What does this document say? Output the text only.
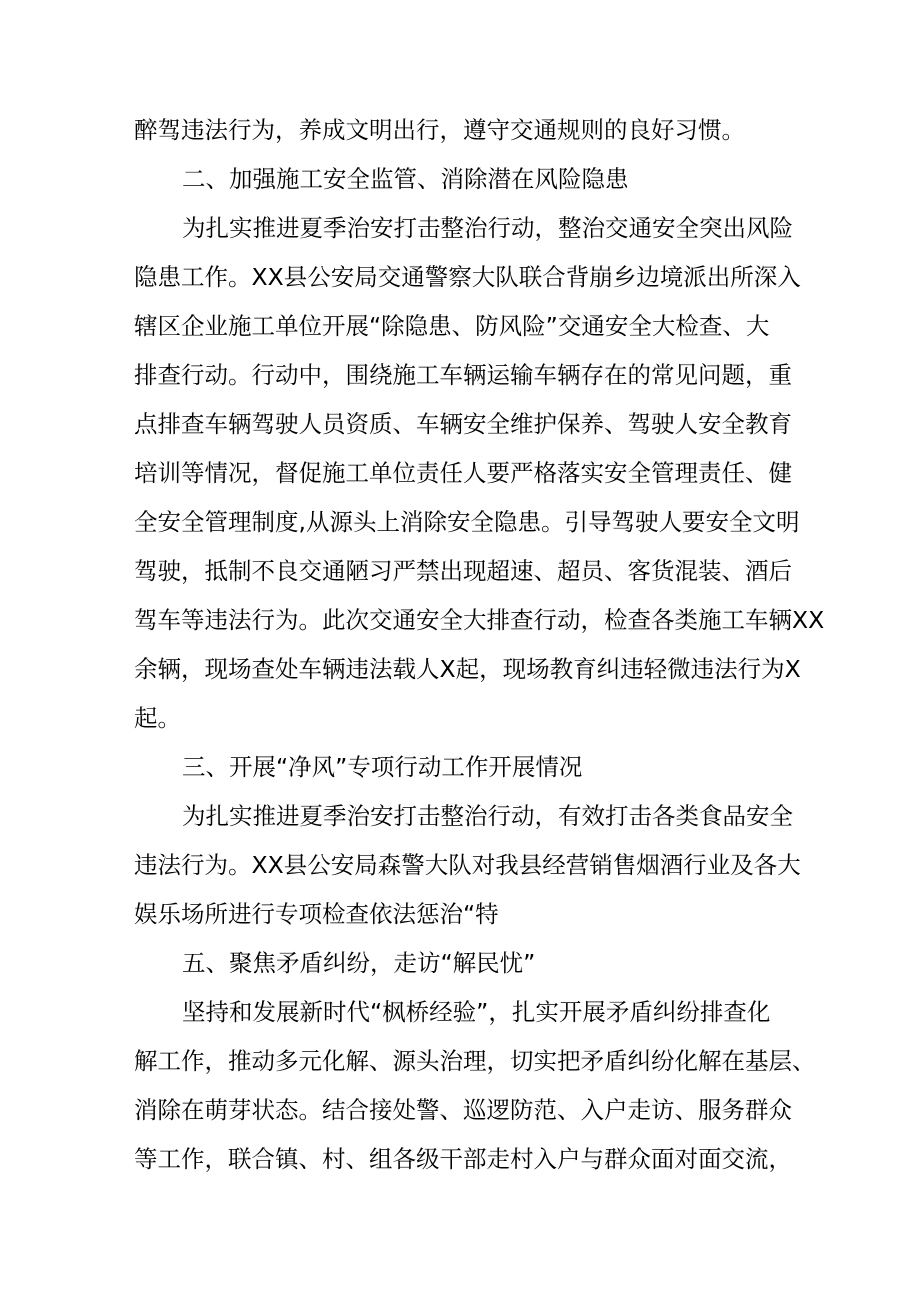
醉驾违法行为，养成文明出行，遵守交通规则的良好习惯。
二、加强施工安全监管、消除潜在风险隐患
为扎实推进夏季治安打击整治行动，整治交通安全突出风险
隐患工作。XX县公安局交通警察大队联合背崩乡边境派出所深入
辖区企业施工单位开展“除隐患、防风险”交通安全大检查、大
排查行动。行动中，围绕施工车辆运输车辆存在的常见问题，重
点排查车辆驾驶人员资质、车辆安全维护保养、驾驶人安全教育
培训等情况，督促施工单位责任人要严格落实安全管理责任、健
全安全管理制度,从源头上消除安全隐患。引导驾驶人要安全文明
驾驶，抵制不良交通陋习严禁出现超速、超员、客货混装、酒后
驾车等违法行为。此次交通安全大排查行动，检查各类施工车辆XX
余辆，现场查处车辆违法载人X起，现场教育纠违轻微违法行为X
起。
三、开展“净风”专项行动工作开展情况
为扎实推进夏季治安打击整治行动，有效打击各类食品安全
违法行为。XX县公安局森警大队对我县经营销售烟酒行业及各大
娱乐场所进行专项检查依法惩治“特
五、聚焦矛盾纠纷，走访“解民忧”
坚持和发展新时代“枫桥经验”，扎实开展矛盾纠纷排查化
解工作，推动多元化解、源头治理，切实把矛盾纠纷化解在基层、
消除在萌芽状态。结合接处警、巡逻防范、入户走访、服务群众
等工作，联合镇、村、组各级干部走村入户与群众面对面交流，
